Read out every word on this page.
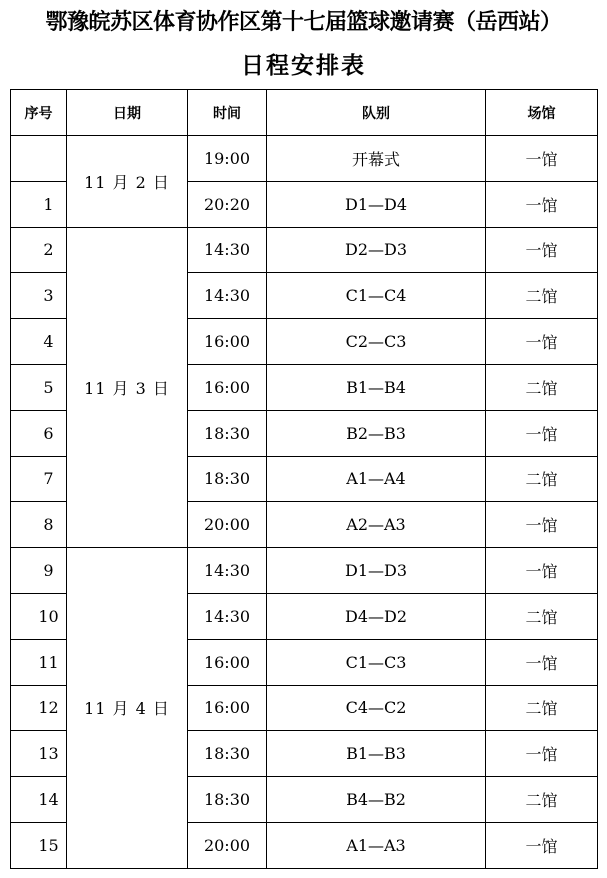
鄂豫皖苏区体育协作区第十七届篮球邀请赛（岳西站）
日程安排表
序号	日期	时间	队别	场馆
	11 月 2 日	19:00	开幕式	一馆
1		20:20	D1—D4	一馆
2	11 月 3 日	14:30	D2—D3	一馆
3		14:30	C1—C4	二馆
4		16:00	C2—C3	一馆
5		16:00	B1—B4	二馆
6		18:30	B2—B3	一馆
7		18:30	A1—A4	二馆
8		20:00	A2—A3	一馆
9	11 月 4 日	14:30	D1—D3	一馆
10		14:30	D4—D2	二馆
11		16:00	C1—C3	一馆
12		16:00	C4—C2	二馆
13		18:30	B1—B3	一馆
14		18:30	B4—B2	二馆
15		20:00	A1—A3	一馆
